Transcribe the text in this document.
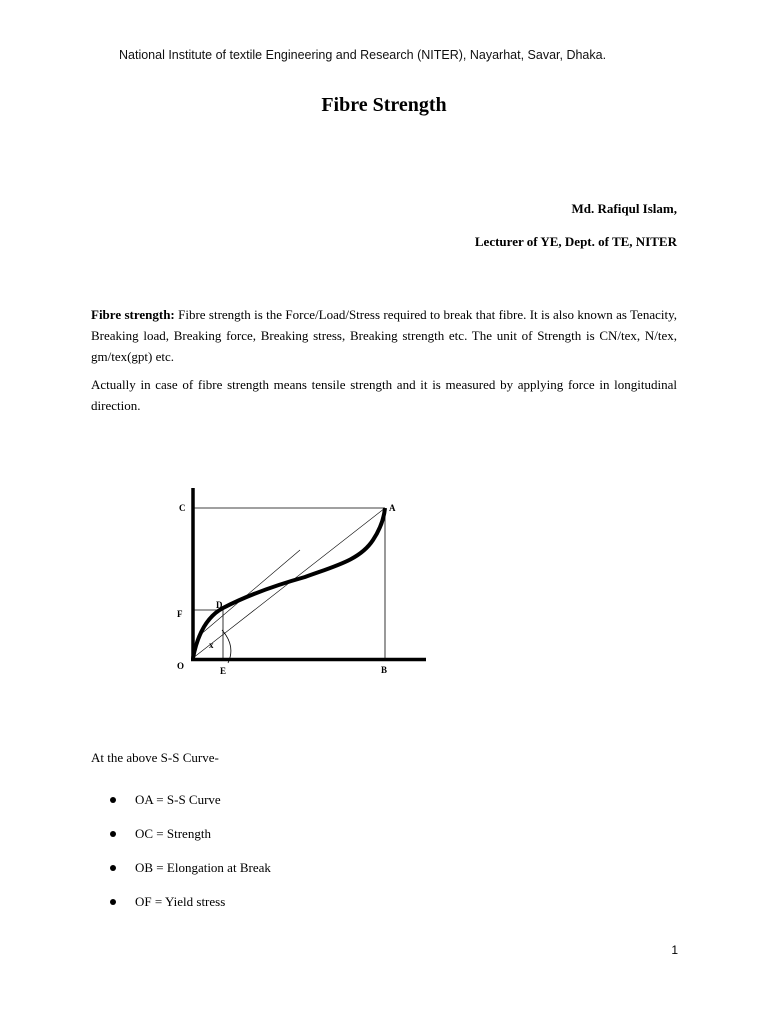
National Institute of textile Engineering and Research (NITER), Nayarhat, Savar, Dhaka.
Fibre Strength
Md. Rafiqul Islam,
Lecturer of YE, Dept. of TE, NITER

Fibre strength: Fibre strength is the Force/Load/Stress required to break that fibre. It is also known as Tenacity, Breaking load, Breaking force, Breaking stress, Breaking strength etc. The unit of Strength is CN/tex, N/tex, gm/tex(gpt) etc.

Actually in case of fibre strength means tensile strength and it is measured by applying force in longitudinal direction.

C	A
D
F
x
O	E	B
At the above S-S Curve-
OA = S-S Curve
OC = Strength
OB = Elongation at Break
OF = Yield stress
1
